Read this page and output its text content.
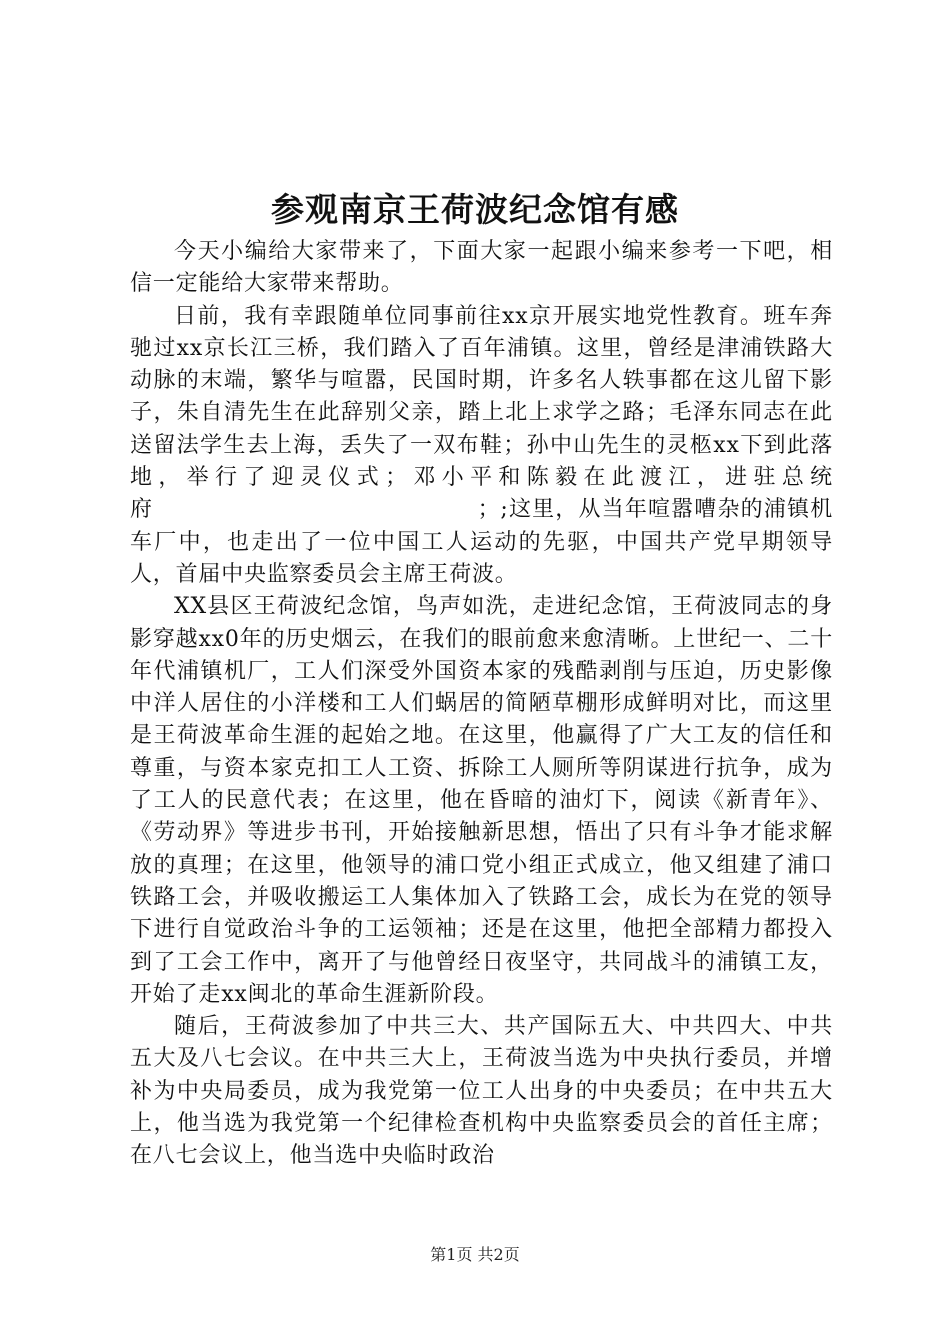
参观南京王荷波纪念馆有感

今天小编给大家带来了，下面大家一起跟小编来参考一下吧，相信一定能给大家带来帮助。

日前，我有幸跟随单位同事前往xx京开展实地党性教育。班车奔驰过xx京长江三桥，我们踏入了百年浦镇。这里，曾经是津浦铁路大动脉的末端，繁华与喧嚣，民国时期，许多名人轶事都在这儿留下影子，朱自清先生在此辞别父亲，踏上北上求学之路；毛泽东同志在此送留法学生去上海，丢失了一双布鞋；孙中山先生的灵柩xx下到此落地，举行了迎灵仪式；邓小平和陈毅在此渡江，进驻总统府　　　　　　　　　　　　　　；;这里，从当年喧嚣嘈杂的浦镇机车厂中，也走出了一位中国工人运动的先驱，中国共产党早期领导人，首届中央监察委员会主席王荷波。

XX县区王荷波纪念馆，鸟声如洗，走进纪念馆，王荷波同志的身影穿越xx0年的历史烟云，在我们的眼前愈来愈清晰。上世纪一、二十年代浦镇机厂，工人们深受外国资本家的残酷剥削与压迫，历史影像中洋人居住的小洋楼和工人们蜗居的简陋草棚形成鲜明对比，而这里是王荷波革命生涯的起始之地。在这里，他赢得了广大工友的信任和尊重，与资本家克扣工人工资、拆除工人厕所等阴谋进行抗争，成为了工人的民意代表；在这里，他在昏暗的油灯下，阅读《新青年》、《劳动界》等进步书刊，开始接触新思想，悟出了只有斗争才能求解放的真理；在这里，他领导的浦口党小组正式成立，他又组建了浦口铁路工会，并吸收搬运工人集体加入了铁路工会，成长为在党的领导下进行自觉政治斗争的工运领袖；还是在这里，他把全部精力都投入到了工会工作中，离开了与他曾经日夜坚守，共同战斗的浦镇工友，开始了走xx闽北的革命生涯新阶段。

随后，王荷波参加了中共三大、共产国际五大、中共四大、中共五大及八七会议。在中共三大上，王荷波当选为中央执行委员，并增补为中央局委员，成为我党第一位工人出身的中央委员；在中共五大上，他当选为我党第一个纪律检查机构中央监察委员会的首任主席；在八七会议上，他当选中央临时政治

第1页 共2页
